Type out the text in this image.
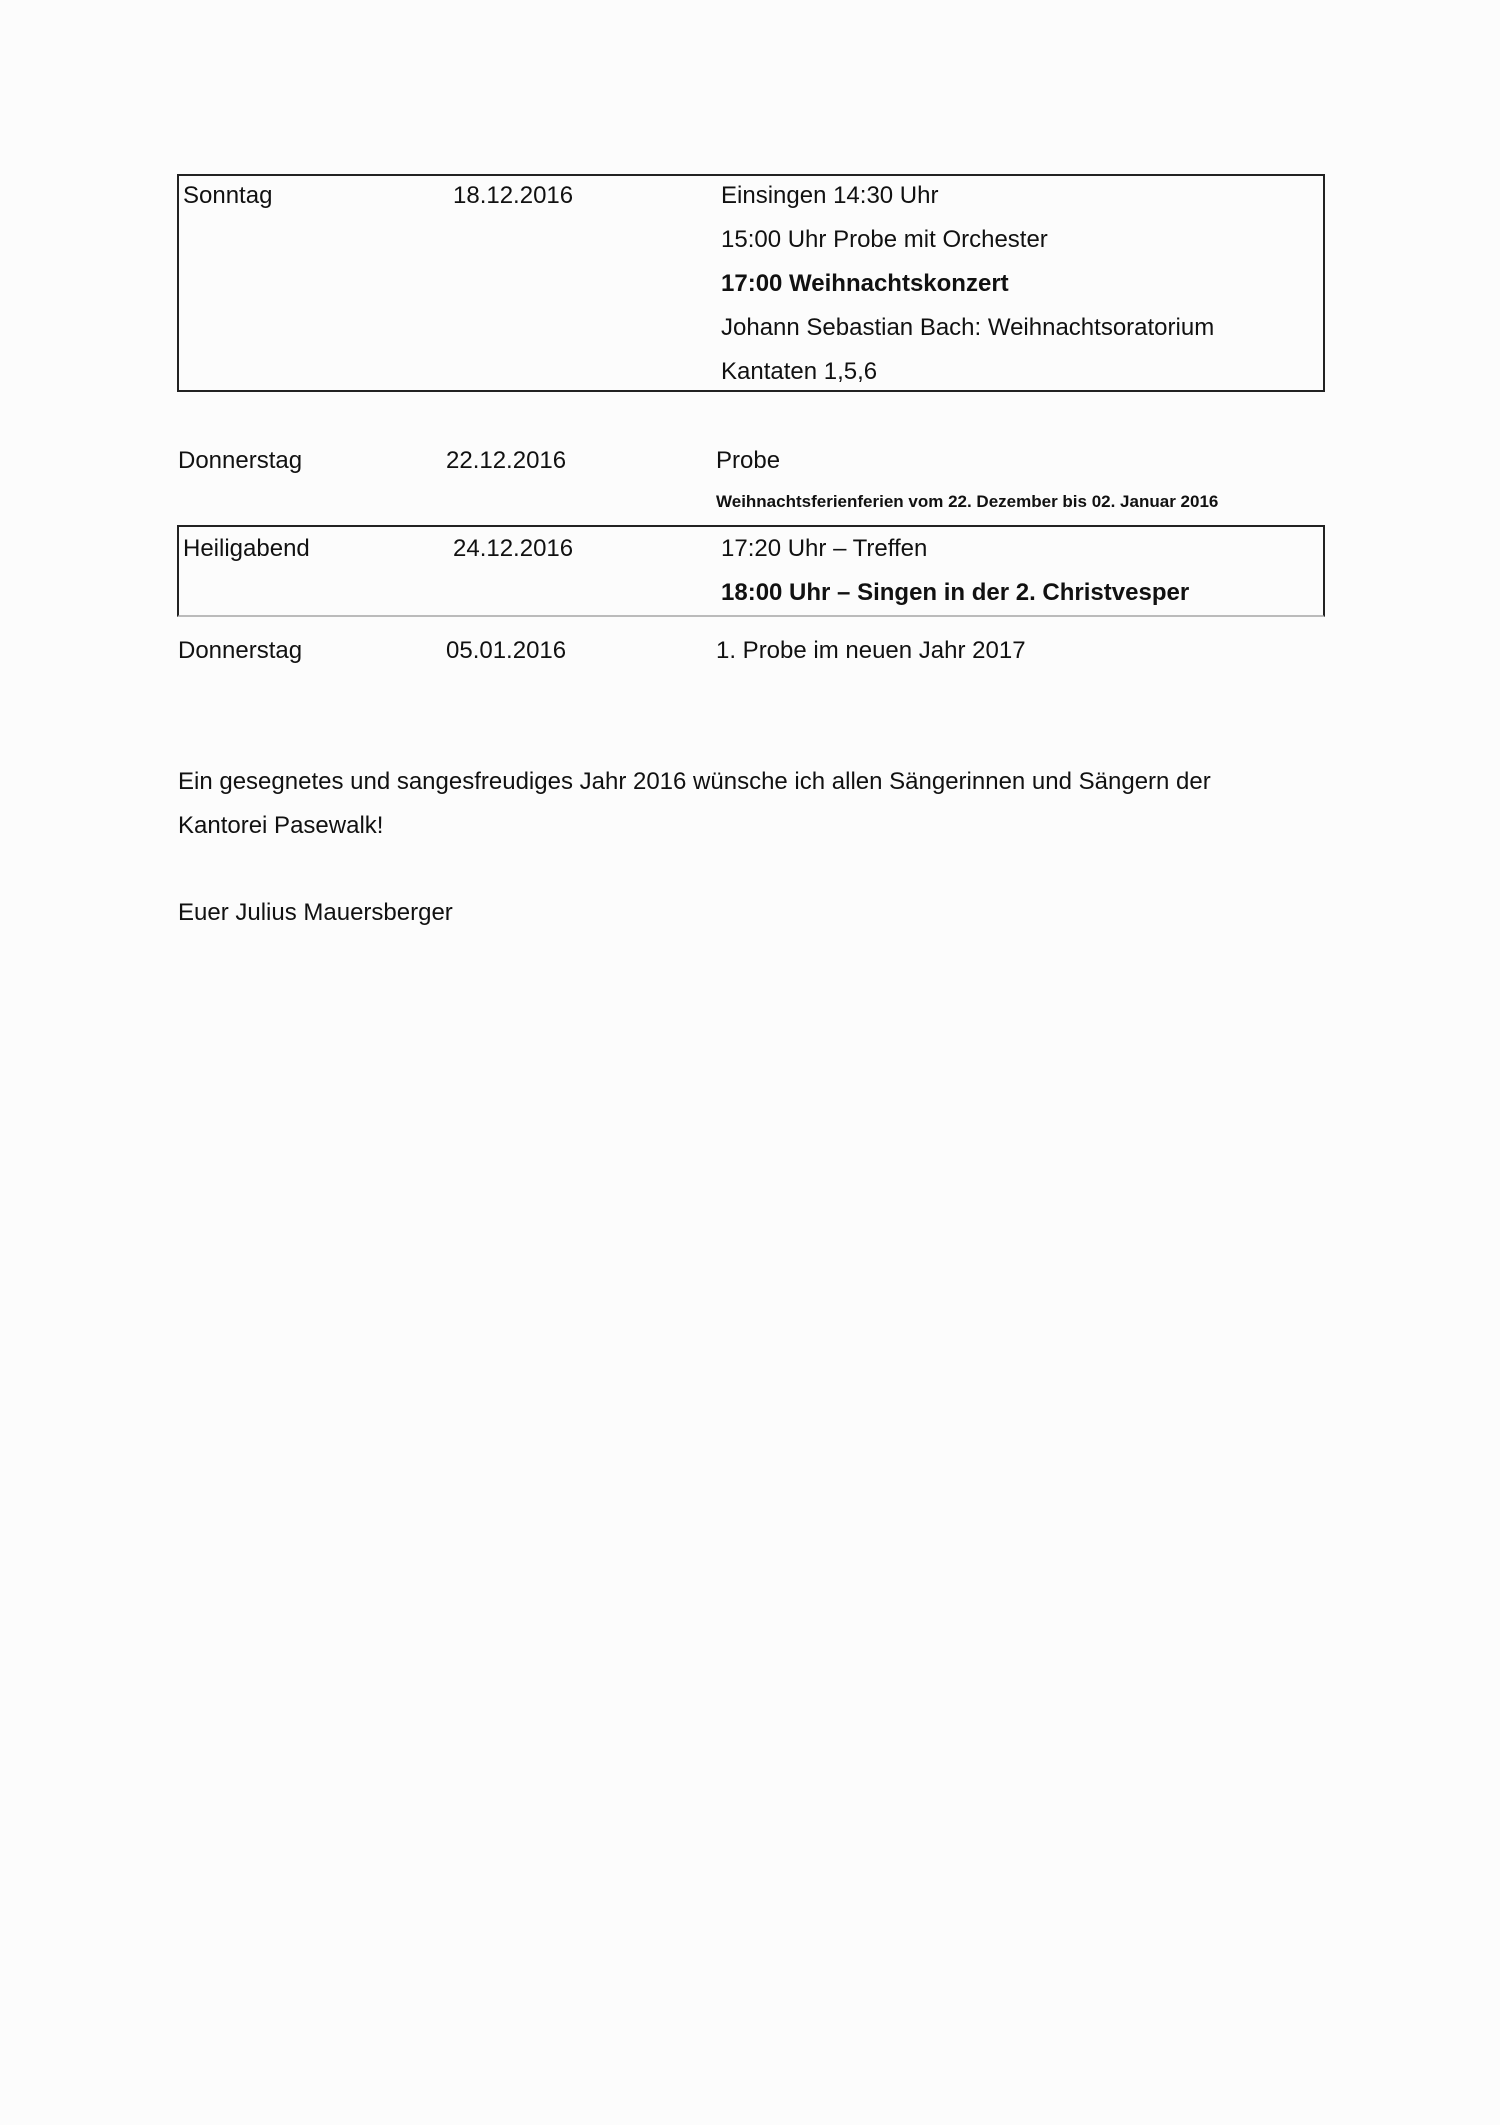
Sonntag	18.12.2016	Einsingen 14:30 Uhr
15:00 Uhr Probe mit Orchester
17:00 Weihnachtskonzert
Johann Sebastian Bach: Weihnachtsoratorium
Kantaten 1,5,6
Donnerstag	22.12.2016	Probe
Weihnachtsferienferien vom 22. Dezember bis 02. Januar 2016
Heiligabend	24.12.2016	17:20 Uhr – Treffen
18:00 Uhr – Singen in der 2. Christvesper
Donnerstag	05.01.2016	1. Probe im neuen Jahr 2017
Ein gesegnetes und sangesfreudiges Jahr 2016 wünsche ich allen Sängerinnen und Sängern der
Kantorei Pasewalk!
Euer Julius Mauersberger
